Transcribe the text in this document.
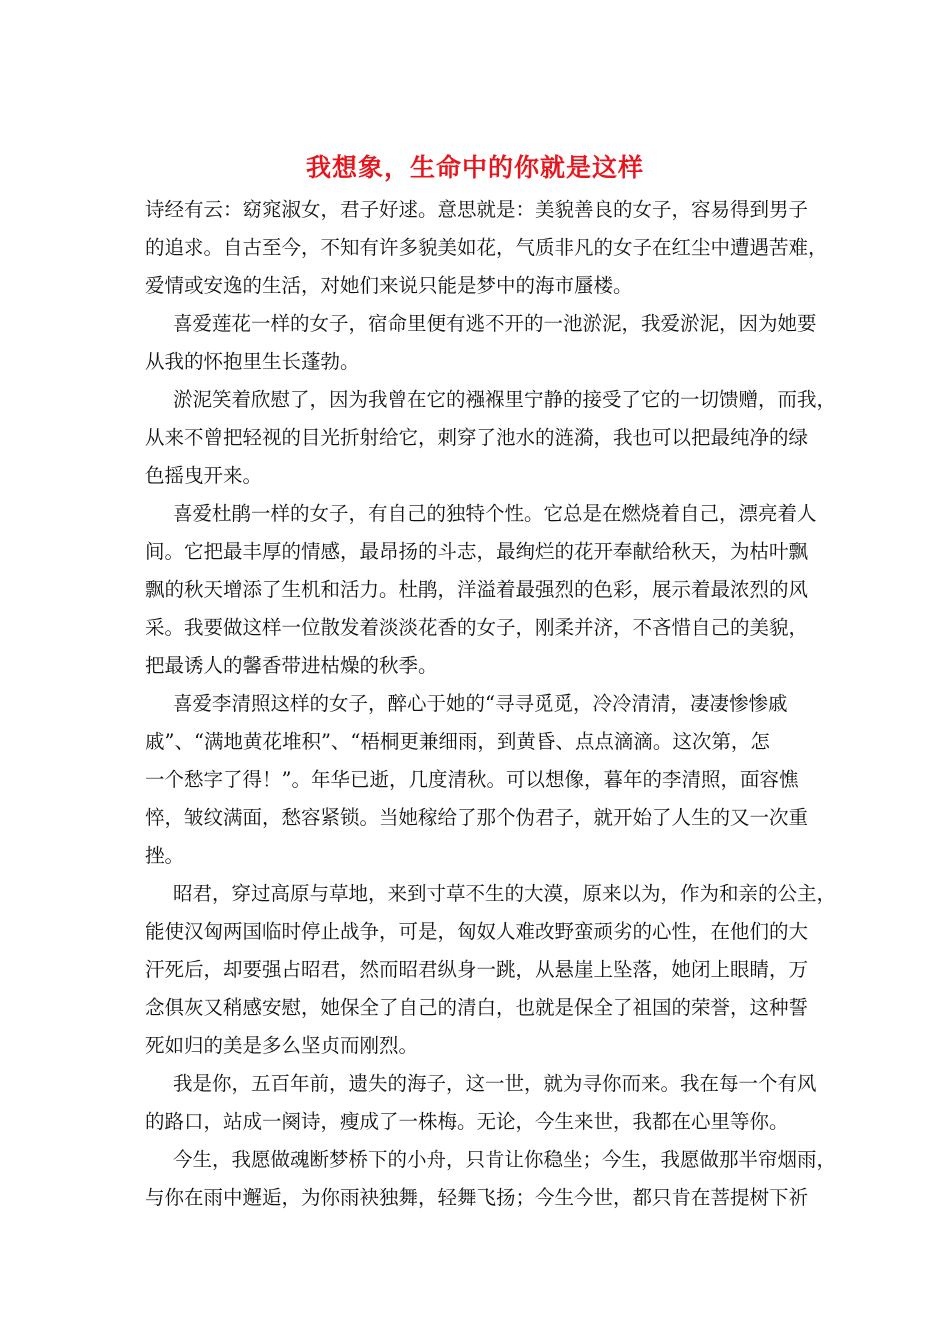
我想象，生命中的你就是这样
诗经有云：窈窕淑女，君子好逑。意思就是：美貌善良的女子，容易得到男子
的追求。自古至今，不知有许多貌美如花，气质非凡的女子在红尘中遭遇苦难，
爱情或安逸的生活，对她们来说只能是梦中的海市蜃楼。
喜爱莲花一样的女子，宿命里便有逃不开的一池淤泥，我爱淤泥，因为她要
从我的怀抱里生长蓬勃。
淤泥笑着欣慰了，因为我曾在它的襁褓里宁静的接受了它的一切馈赠，而我，
从来不曾把轻视的目光折射给它，刺穿了池水的涟漪，我也可以把最纯净的绿
色摇曳开来。
喜爱杜鹃一样的女子，有自己的独特个性。它总是在燃烧着自己，漂亮着人
间。它把最丰厚的情感，最昂扬的斗志，最绚烂的花开奉献给秋天，为枯叶飘
飘的秋天增添了生机和活力。杜鹃，洋溢着最强烈的色彩，展示着最浓烈的风
采。我要做这样一位散发着淡淡花香的女子，刚柔并济，不吝惜自己的美貌，
把最诱人的馨香带进枯燥的秋季。
喜爱李清照这样的女子，醉心于她的“寻寻觅觅，冷冷清清，凄凄惨惨戚
戚”、“满地黄花堆积”、“梧桐更兼细雨，到黄昏、点点滴滴。这次第，怎
一个愁字了得！”。年华已逝，几度清秋。可以想像，暮年的李清照，面容憔
悴，皱纹满面，愁容紧锁。当她稼给了那个伪君子，就开始了人生的又一次重
挫。
昭君，穿过高原与草地，来到寸草不生的大漠，原来以为，作为和亲的公主，
能使汉匈两国临时停止战争，可是，匈奴人难改野蛮顽劣的心性，在他们的大
汗死后，却要强占昭君，然而昭君纵身一跳，从悬崖上坠落，她闭上眼睛，万
念俱灰又稍感安慰，她保全了自己的清白，也就是保全了祖国的荣誉，这种誓
死如归的美是多么坚贞而刚烈。
我是你，五百年前，遗失的海子，这一世，就为寻你而来。我在每一个有风
的路口，站成一阕诗，瘦成了一株梅。无论，今生来世，我都在心里等你。
今生，我愿做魂断梦桥下的小舟，只肯让你稳坐；今生，我愿做那半帘烟雨，
与你在雨中邂逅，为你雨袂独舞，轻舞飞扬；今生今世，都只肯在菩提树下祈
